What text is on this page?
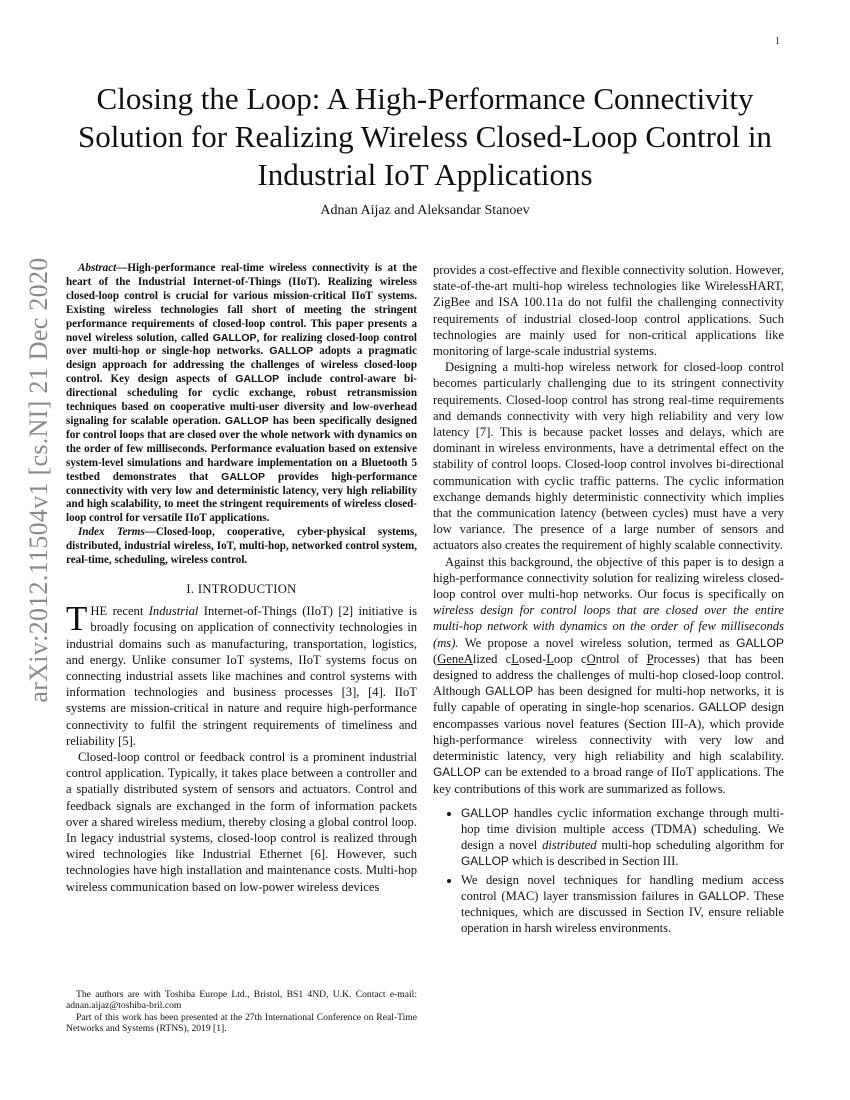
1
arXiv:2012.11504v1 [cs.NI] 21 Dec 2020
Closing the Loop: A High-Performance Connectivity Solution for Realizing Wireless Closed-Loop Control in Industrial IoT Applications
Adnan Aijaz and Aleksandar Stanoev

Abstract—High-performance real-time wireless connectivity is at the heart of the Industrial Internet-of-Things (IIoT). Realizing wireless closed-loop control is crucial for various mission-critical IIoT systems. Existing wireless technologies fall short of meeting the stringent performance requirements of closed-loop control. This paper presents a novel wireless solution, called GALLOP, for realizing closed-loop control over multi-hop or single-hop networks. GALLOP adopts a pragmatic design approach for addressing the challenges of wireless closed-loop control. Key design aspects of GALLOP include control-aware bi-directional scheduling for cyclic exchange, robust retransmission techniques based on cooperative multi-user diversity and low-overhead signaling for scalable operation. GALLOP has been specifically designed for control loops that are closed over the whole network with dynamics on the order of few milliseconds. Performance evaluation based on extensive system-level simulations and hardware implementation on a Bluetooth 5 testbed demonstrates that GALLOP provides high-performance connectivity with very low and deterministic latency, very high reliability and high scalability, to meet the stringent requirements of wireless closed-loop control for versatile IIoT applications.

Index Terms—Closed-loop, cooperative, cyber-physical systems, distributed, industrial wireless, IoT, multi-hop, networked control system, real-time, scheduling, wireless control.

I. INTRODUCTION

THE recent Industrial Internet-of-Things (IIoT) [2] initiative is broadly focusing on application of connectivity technologies in industrial domains such as manufacturing, transportation, logistics, and energy. Unlike consumer IoT systems, IIoT systems focus on connecting industrial assets like machines and control systems with information technologies and business processes [3], [4]. IIoT systems are mission-critical in nature and require high-performance connectivity to fulfil the stringent requirements of timeliness and reliability [5].

Closed-loop control or feedback control is a prominent industrial control application. Typically, it takes place between a controller and a spatially distributed system of sensors and actuators. Control and feedback signals are exchanged in the form of information packets over a shared wireless medium, thereby closing a global control loop. In legacy industrial systems, closed-loop control is realized through wired technologies like Industrial Ethernet [6]. However, such technologies have high installation and maintenance costs. Multi-hop wireless communication based on low-power wireless devices

The authors are with Toshiba Europe Ltd., Bristol, BS1 4ND, U.K. Contact e-mail: adnan.aijaz@toshiba-bril.com

Part of this work has been presented at the 27th International Conference on Real-Time Networks and Systems (RTNS), 2019 [1].

provides a cost-effective and flexible connectivity solution. However, state-of-the-art multi-hop wireless technologies like WirelessHART, ZigBee and ISA 100.11a do not fulfil the challenging connectivity requirements of industrial closed-loop control applications. Such technologies are mainly used for non-critical applications like monitoring of large-scale industrial systems.

Designing a multi-hop wireless network for closed-loop control becomes particularly challenging due to its stringent connectivity requirements. Closed-loop control has strong real-time requirements and demands connectivity with very high reliability and very low latency [7]. This is because packet losses and delays, which are dominant in wireless environments, have a detrimental effect on the stability of control loops. Closed-loop control involves bi-directional communication with cyclic traffic patterns. The cyclic information exchange demands highly deterministic connectivity which implies that the communication latency (between cycles) must have a very low variance. The presence of a large number of sensors and actuators also creates the requirement of highly scalable connectivity.

Against this background, the objective of this paper is to design a high-performance connectivity solution for realizing wireless closed-loop control over multi-hop networks. Our focus is specifically on wireless design for control loops that are closed over the entire multi-hop network with dynamics on the order of few milliseconds (ms). We propose a novel wireless solution, termed as GALLOP (GeneAlized cLosed-Loop cOntrol of Processes) that has been designed to address the challenges of multi-hop closed-loop control. Although GALLOP has been designed for multi-hop networks, it is fully capable of operating in single-hop scenarios. GALLOP design encompasses various novel features (Section III-A), which provide high-performance wireless connectivity with very low and deterministic latency, very high reliability and high scalability. GALLOP can be extended to a broad range of IIoT applications. The key contributions of this work are summarized as follows.

• GALLOP handles cyclic information exchange through multi-hop time division multiple access (TDMA) scheduling. We design a novel distributed multi-hop scheduling algorithm for GALLOP which is described in Section III.
• We design novel techniques for handling medium access control (MAC) layer transmission failures in GALLOP. These techniques, which are discussed in Section IV, ensure reliable operation in harsh wireless environments.
